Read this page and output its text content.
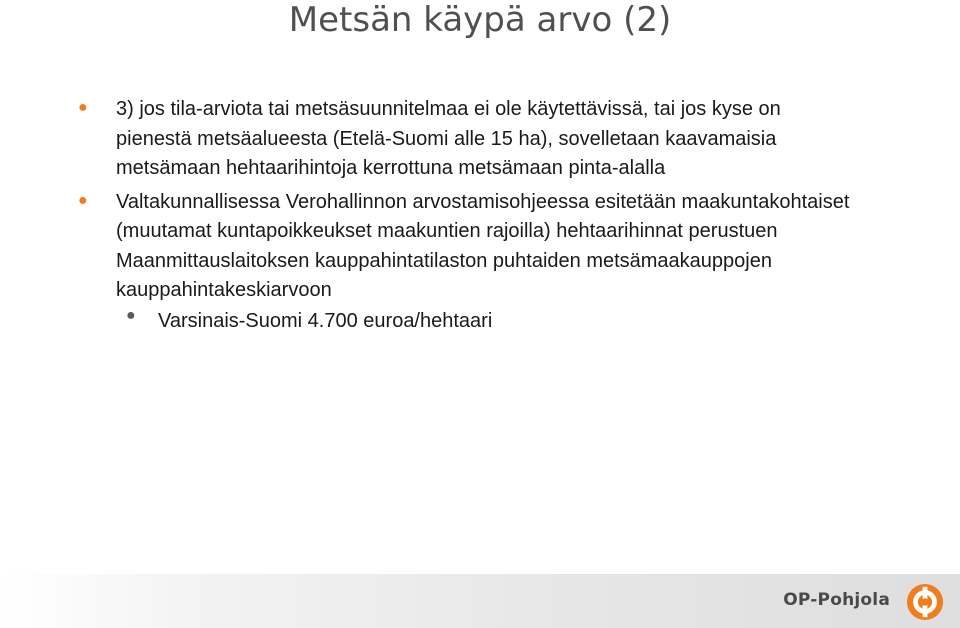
Metsän käypä arvo (2)

● 3) jos tila-arviota tai metsäsuunnitelmaa ei ole käytettävissä, tai jos kyse on pienestä metsäalueesta (Etelä-Suomi alle 15 ha), sovelletaan kaavamaisia metsämaan hehtaarihintoja kerrottuna metsämaan pinta-alalla

● Valtakunnallisessa Verohallinnon arvostamisohjeessa esitetään maakuntakohtaiset (muutamat kuntapoikkeukset maakuntien rajoilla) hehtaarihinnat perustuen Maanmittauslaitoksen kauppahintatilaston puhtaiden metsämaakauppojen kauppahintakeskiarvoon

● Varsinais-Suomi 4.700 euroa/hehtaari

OP-Pohjola
